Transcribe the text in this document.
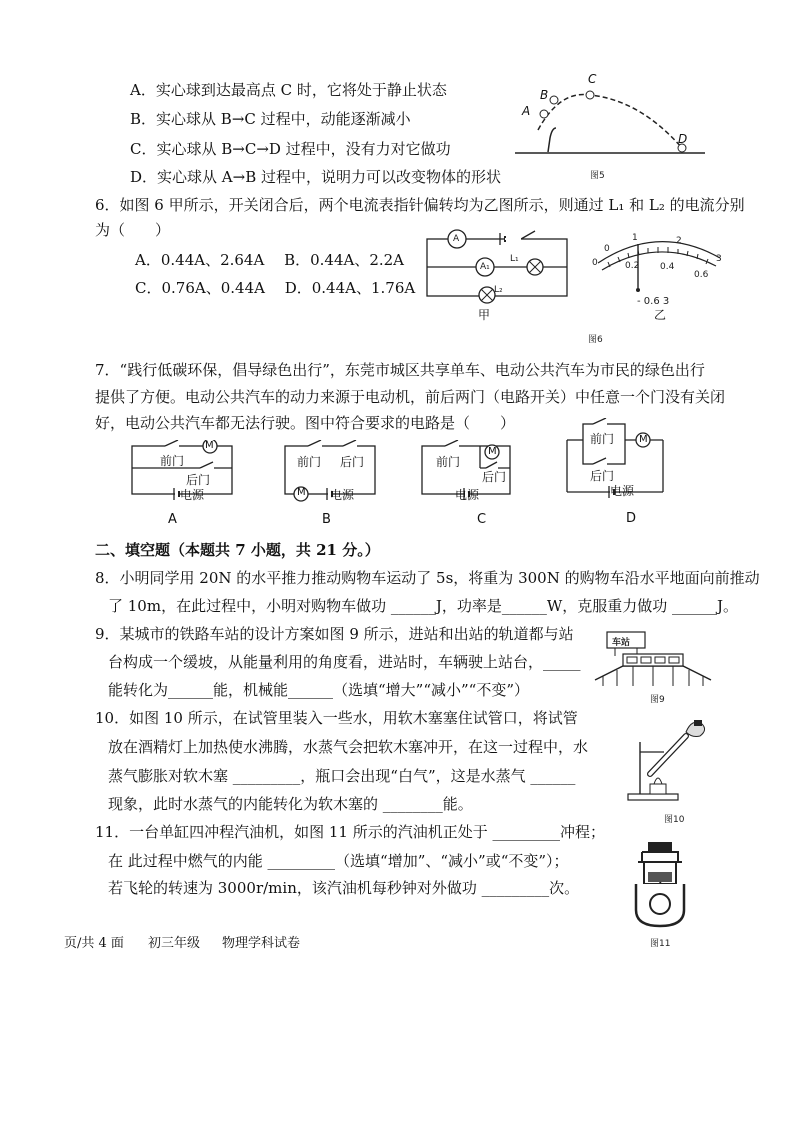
A．实心球到达最高点 C 时，它将处于静止状态
B．实心球从 B→C 过程中，动能逐渐减小
C．实心球从 B→C→D 过程中，没有力对它做功
D．实心球从 A→B 过程中，说明力可以改变物体的形状
A
B
C
D
图5
6．如图 6 甲所示，开关闭合后，两个电流表指针偏转均为乙图所示，则通过 L₁ 和 L₂ 的电流分别
为（　　）
A．0.44A、2.64A　 B．0.44A、2.2A
C．0.76A、0.44A　 D．0.44A、1.76A
A
A₁
L₁
L₂
甲
0	0.2 0.4
0.6
0
1	2
3
- 0.6 3
乙
图6
7．“践行低碳环保，倡导绿色出行”，东莞市城区共享单车、电动公共汽车为市民的绿色出行
提供了方便。电动公共汽车的动力来源于电动机，前后两门（电路开关）中任意一个门没有关闭
好，电动公共汽车都无法行驶。图中符合要求的电路是（　　）
M
前门
后门
电源
A
前门 后门
M 电源
B
前门
M
后门
电源
C
前门 M
后门
电源
D
二、填空题（本题共 7 小题，共 21 分。）
8．小明同学用 20N 的水平推力推动购物车运动了 5s，将重为 300N 的购物车沿水平地面向前推动
了 10m，在此过程中，小明对购物车做功 ______J，功率是______W，克服重力做功 ______J。
9．某城市的铁路车站的设计方案如图 9 所示，进站和出站的轨道都与站
台构成一个缓坡，从能量利用的角度看，进站时，车辆驶上站台，_____
能转化为______能，机械能______（选填“增大”“减小”“不变”）
车站
图9
10．如图 10 所示，在试管里装入一些水，用软木塞塞住试管口，将试管
放在酒精灯上加热使水沸腾，水蒸气会把软木塞冲开，在这一过程中，水
蒸气膨胀对软木塞 _________，瓶口会出现“白气”，这是水蒸气 ______
现象，此时水蒸气的内能转化为软木塞的 ________能。
图10
11．一台单缸四冲程汽油机，如图 11 所示的汽油机正处于 _________冲程；
在 此过程中燃气的内能 _________（选填“增加”、“减小”或“不变”）；
若飞轮的转速为 3000r/min，该汽油机每秒钟对外做功 _________次。
图11
页/共 4 面 初三年级 物理学科试卷
